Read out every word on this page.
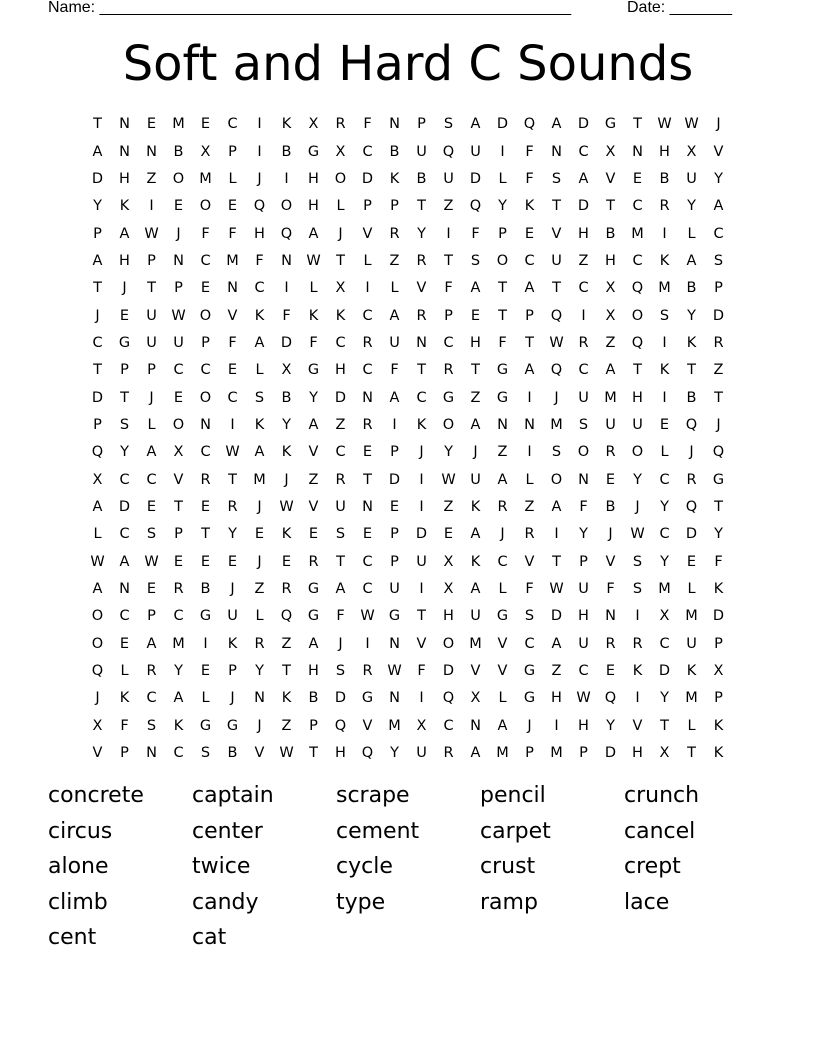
Name: _____________________________________________________	Date: _______
Soft and Hard C Sounds
T	N	E	M	E	C	I	K	X	R	F	N	P	S	A	D	Q	A	D	G	T	W W	J
A	N	N	B	X	P	I	B	G	X	C	B	U	Q	U	I	F	N	C	X	N	H	X	V
D	H	Z	O	M	L	J	I	H	O	D	K	B	U	D	L	F	S	A	V	E	B	U	Y
Y	K	I	E	O	E	Q	O	H	L	P	P	T	Z	Q	Y	K	T	D	T	C	R	Y	A
P	A	W	J	F	F	H	Q	A	J	V	R	Y	I	F	P	E	V	H	B	M	I	L	C
A	H	P	N	C	M	F	N W	T	L	Z	R	T	S	O	C	U	Z	H	C	K	A	S
T	J	T	P	E	N	C	I	L	X	I	L	V	F	A	T	A	T	C	X	Q	M	B	P
J	E	U	W O	V	K	F	K	K	C	A	R	P	E	T	P	Q	I	X	O	S	Y	D
C	G	U	U	P	F	A	D	F	C	R	U	N	C	H	F	T	W	R	Z	Q	I	K	R
T	P	P	C	C	E	L	X	G	H	C	F	T	R	T	G	A	Q	C	A	T	K	T	Z
D	T	J	E	O	C	S	B	Y	D	N	A	C	G	Z	G	I	J	U	M	H	I	B	T
P	S	L	O	N	I	K	Y	A	Z	R	I	K	O	A	N	N	M	S	U	U	E	Q	J
Q	Y	A	X	C	W	A	K	V	C	E	P	J	Y	J	Z	I	S	O	R	O	L	J	Q
X	C	C	V	R	T	M	J	Z	R	T	D	I	W	U	A	L	O	N	E	Y	C	R	G
A	D	E	T	E	R	J	W	V	U	N	E	I	Z	K	R	Z	A	F	B	J	Y	Q	T
L	C	S	P	T	Y	E	K	E	S	E	P	D	E	A	J	R	I	Y	J	W	C	D	Y
W	A	W	E	E	E	J	E	R	T	C	P	U	X	K	C	V	T	P	V	S	Y	E	F
A	N	E	R	B	J	Z	R	G	A	C	U	I	X	A	L	F	W	U	F	S	M	L	K
O	C	P	C	G	U	L	Q	G	F	W G	T	H	U	G	S	D	H	N	I	X	M	D
O	E	A	M	I	K	R	Z	A	J	I	N	V	O	M	V	C	A	U	R	R	C	U	P
Q	L	R	Y	E	P	Y	T	H	S	R	W	F	D	V	V	G	Z	C	E	K	D	K	X
J	K	C	A	L	J	N	K	B	D	G	N	I	Q	X	L	G	H W Q	I	Y	M	P
X	F	S	K	G	G	J	Z	P	Q	V	M	X	C	N	A	J	I	H	Y	V	T	L	K
V	P	N	C	S	B	V	W	T	H	Q	Y	U	R	A	M	P	M	P	D	H	X	T	K
concrete	captain	scrape	pencil	crunch
circus	center	cement	carpet	cancel
alone	twice	cycle	crust	crept
climb	candy	type	ramp	lace
cent	cat
